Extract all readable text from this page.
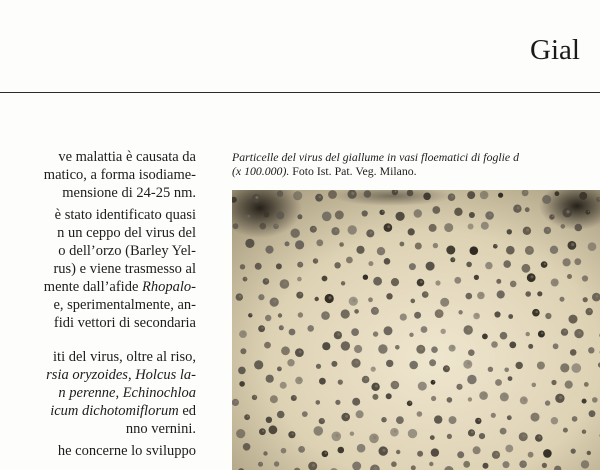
Gial
ve malattia è causata da
matico, a forma isodiame-
mensione di 24-25 nm.
è stato identificato quasi
n un ceppo del virus del
o dell’orzo (Barley Yel-
rus) e viene trasmesso al
mente dall’afide Rhopalo-
e, sperimentalmente, an-
fidi vettori di secondaria
iti del virus, oltre al riso,
rsia oryzoides, Holcus la-
n perenne, Echinochloa
icum dichotomiflorum ed
nno vernini.
he concerne lo sviluppo
Particelle del virus del giallume in vasi floematici di foglie d
(x 100.000). Foto Ist. Pat. Veg. Milano.
